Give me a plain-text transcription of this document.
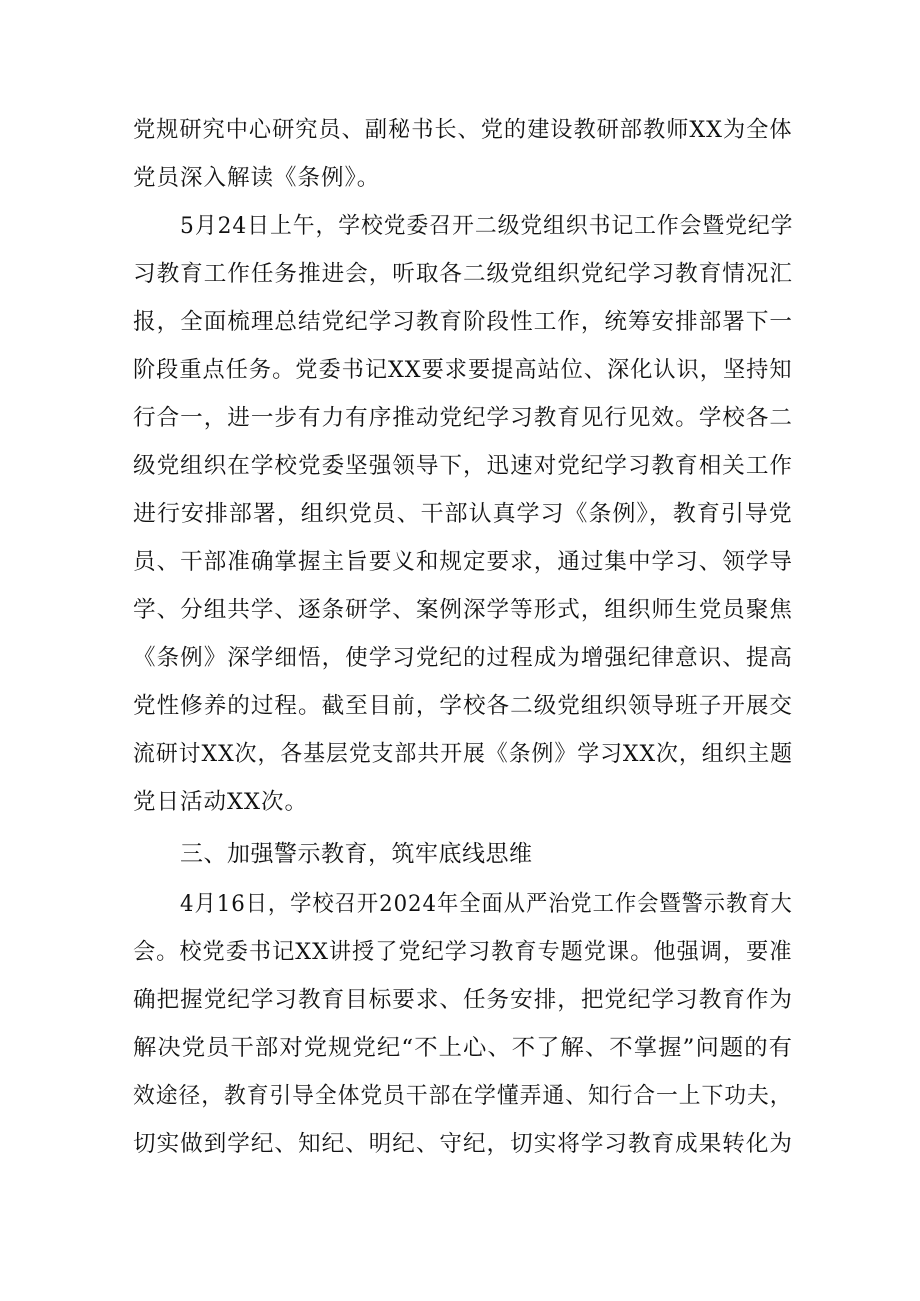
党规研究中心研究员、副秘书长、党的建设教研部教师XX为全体
党员深入解读《条例》。
5月24日上午，学校党委召开二级党组织书记工作会暨党纪学
习教育工作任务推进会，听取各二级党组织党纪学习教育情况汇
报，全面梳理总结党纪学习教育阶段性工作，统筹安排部署下一
阶段重点任务。党委书记XX要求要提高站位、深化认识，坚持知
行合一，进一步有力有序推动党纪学习教育见行见效。学校各二
级党组织在学校党委坚强领导下，迅速对党纪学习教育相关工作
进行安排部署，组织党员、干部认真学习《条例》，教育引导党
员、干部准确掌握主旨要义和规定要求，通过集中学习、领学导
学、分组共学、逐条研学、案例深学等形式，组织师生党员聚焦
《条例》深学细悟，使学习党纪的过程成为增强纪律意识、提高
党性修养的过程。截至目前，学校各二级党组织领导班子开展交
流研讨XX次，各基层党支部共开展《条例》学习XX次，组织主题
党日活动XX次。
三、加强警示教育，筑牢底线思维
4月16日，学校召开2024年全面从严治党工作会暨警示教育大
会。校党委书记XX讲授了党纪学习教育专题党课。他强调，要准
确把握党纪学习教育目标要求、任务安排，把党纪学习教育作为
解决党员干部对党规党纪“不上心、不了解、不掌握”问题的有
效途径，教育引导全体党员干部在学懂弄通、知行合一上下功夫，
切实做到学纪、知纪、明纪、守纪，切实将学习教育成果转化为
